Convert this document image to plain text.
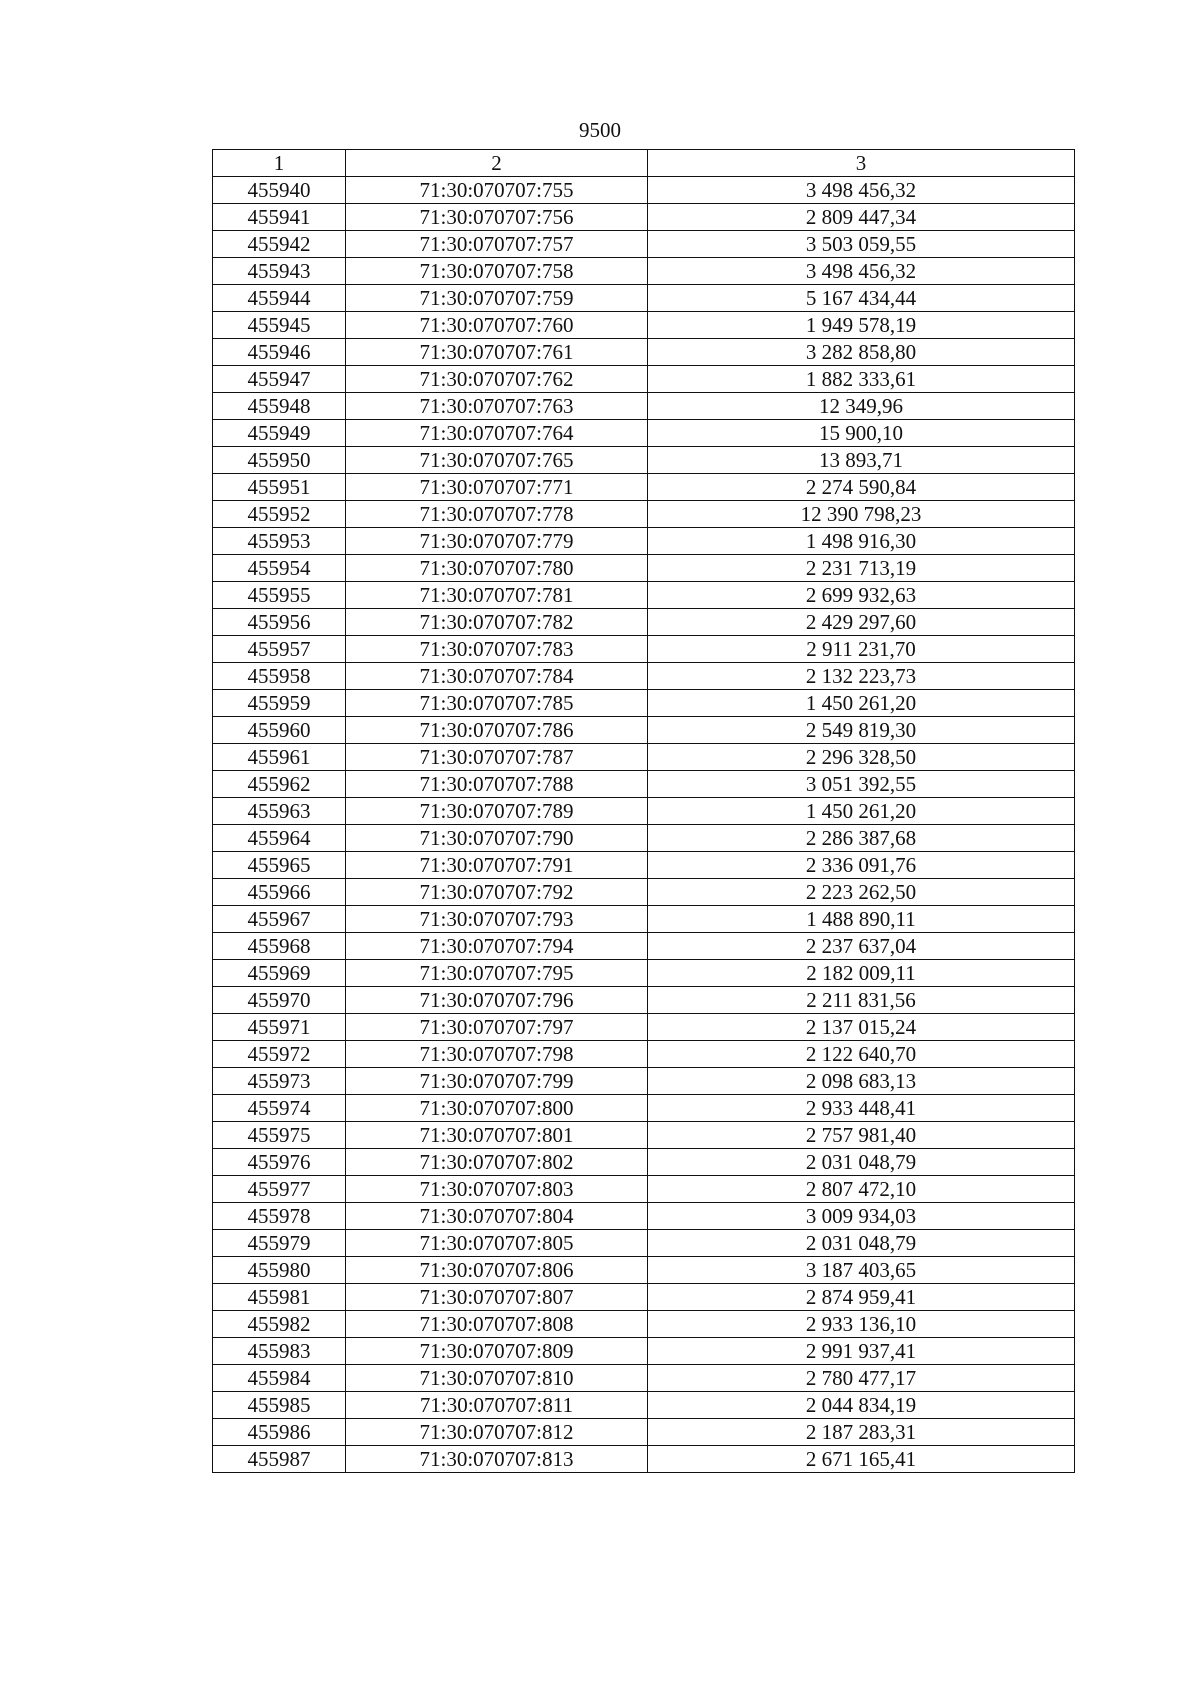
9500
1	2	3
455940	71:30:070707:755	3 498 456,32
455941	71:30:070707:756	2 809 447,34
455942	71:30:070707:757	3 503 059,55
455943	71:30:070707:758	3 498 456,32
455944	71:30:070707:759	5 167 434,44
455945	71:30:070707:760	1 949 578,19
455946	71:30:070707:761	3 282 858,80
455947	71:30:070707:762	1 882 333,61
455948	71:30:070707:763	12 349,96
455949	71:30:070707:764	15 900,10
455950	71:30:070707:765	13 893,71
455951	71:30:070707:771	2 274 590,84
455952	71:30:070707:778	12 390 798,23
455953	71:30:070707:779	1 498 916,30
455954	71:30:070707:780	2 231 713,19
455955	71:30:070707:781	2 699 932,63
455956	71:30:070707:782	2 429 297,60
455957	71:30:070707:783	2 911 231,70
455958	71:30:070707:784	2 132 223,73
455959	71:30:070707:785	1 450 261,20
455960	71:30:070707:786	2 549 819,30
455961	71:30:070707:787	2 296 328,50
455962	71:30:070707:788	3 051 392,55
455963	71:30:070707:789	1 450 261,20
455964	71:30:070707:790	2 286 387,68
455965	71:30:070707:791	2 336 091,76
455966	71:30:070707:792	2 223 262,50
455967	71:30:070707:793	1 488 890,11
455968	71:30:070707:794	2 237 637,04
455969	71:30:070707:795	2 182 009,11
455970	71:30:070707:796	2 211 831,56
455971	71:30:070707:797	2 137 015,24
455972	71:30:070707:798	2 122 640,70
455973	71:30:070707:799	2 098 683,13
455974	71:30:070707:800	2 933 448,41
455975	71:30:070707:801	2 757 981,40
455976	71:30:070707:802	2 031 048,79
455977	71:30:070707:803	2 807 472,10
455978	71:30:070707:804	3 009 934,03
455979	71:30:070707:805	2 031 048,79
455980	71:30:070707:806	3 187 403,65
455981	71:30:070707:807	2 874 959,41
455982	71:30:070707:808	2 933 136,10
455983	71:30:070707:809	2 991 937,41
455984	71:30:070707:810	2 780 477,17
455985	71:30:070707:811	2 044 834,19
455986	71:30:070707:812	2 187 283,31
455987	71:30:070707:813	2 671 165,41
